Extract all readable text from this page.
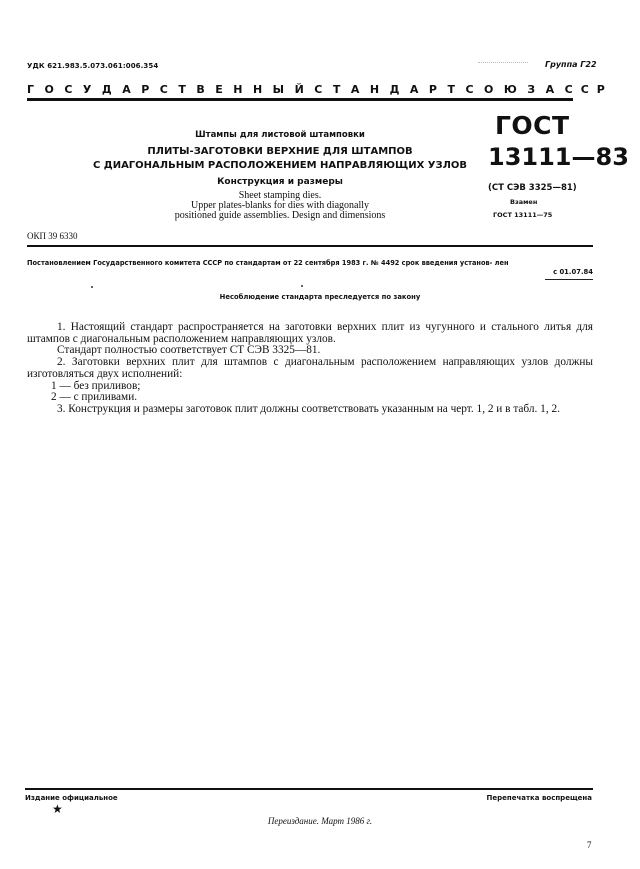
УДК 621.983.5.073.061:006.354	Группа Г22
ГОСУДАРСТВЕННЫЙ СТАНДАРТ СОЮЗА ССР
Штампы для листовой штамповки
ПЛИТЫ-ЗАГОТОВКИ ВЕРХНИЕ ДЛЯ ШТАМПОВ
С ДИАГОНАЛЬНЫМ РАСПОЛОЖЕНИЕМ НАПРАВЛЯЮЩИХ УЗЛОВ
Конструкция и размеры
Sheet stamping dies.
Upper plates-blanks for dies with diagonally
positioned guide assemblies. Design and dimensions
ГОСТ
13111—83
(СТ СЭВ 3325—81)
Взамен
ГОСТ 13111—75
ОКП 39 6330
Постановлением Государственного комитета СССР по стандартам от 22 сентября 1983 г. № 4492 срок введения установ- лен
с 01.07.84
Несоблюдение стандарта преследуется по закону

1. Настоящий стандарт распространяется на заготовки верхних плит из чугунного и стального литья для штампов с диагональным расположением направляющих узлов.

Стандарт полностью соответствует СТ СЭВ 3325—81.

2. Заготовки верхних плит для штампов с диагональным расположением направляющих узлов должны изготовляться двух исполнений:

1 — без приливов;

2 — с приливами.

3. Конструкция и размеры заготовок плит должны соответствовать указанным на черт. 1, 2 и в табл. 1, 2.

Издание официальное	Перепечатка воспрещена
★
Переиздание. Март 1986 г.
7
